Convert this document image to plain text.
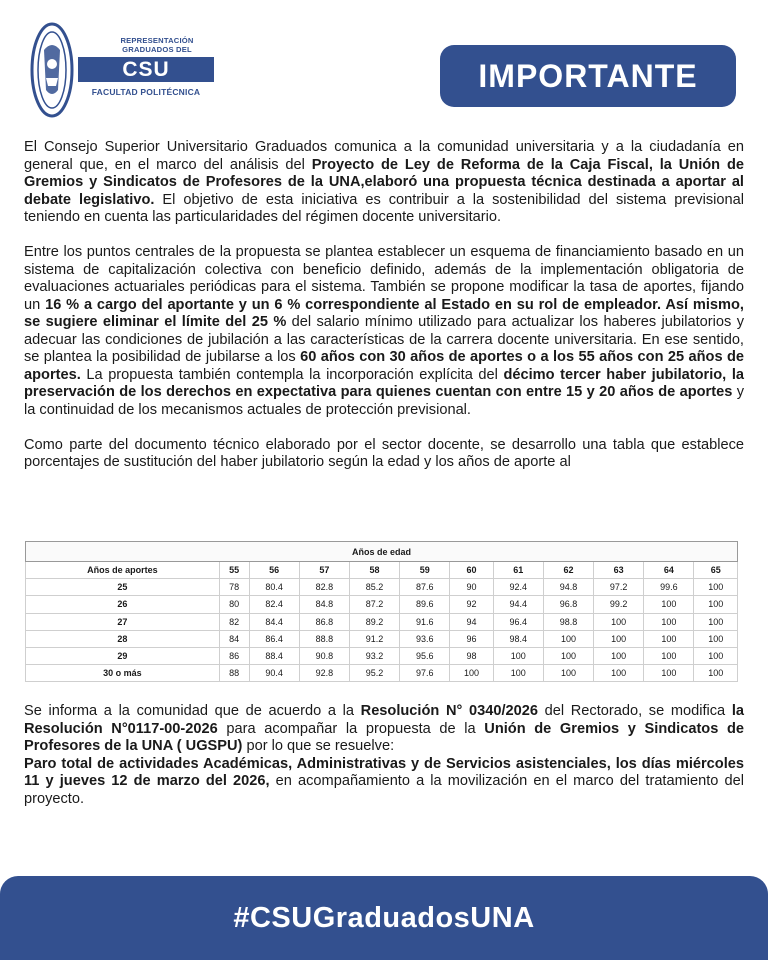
REPRESENTACIÓN
GRADUADOS DEL
CSU
FACULTAD POLITÉCNICA	IMPORTANTE

El Consejo Superior Universitario Graduados comunica a la comunidad universitaria y a la ciudadanía en general que, en el marco del análisis del Proyecto de Ley de Reforma de la Caja Fiscal, la Unión de Gremios y Sindicatos de Profesores de la UNA,elaboró una propuesta técnica destinada a aportar al debate legislativo. El objetivo de esta iniciativa es contribuir a la sostenibilidad del sistema previsional teniendo en cuenta las particularidades del régimen docente universitario.

Entre los puntos centrales de la propuesta se plantea establecer un esquema de financiamiento basado en un sistema de capitalización colectiva con beneficio definido, además de la implementación obligatoria de evaluaciones actuariales periódicas para el sistema. También se propone modificar la tasa de aportes, fijando un 16 % a cargo del aportante y un 6 % correspondiente al Estado en su rol de empleador. Así mismo, se sugiere eliminar el límite del 25 % del salario mínimo utilizado para actualizar los haberes jubilatorios y adecuar las condiciones de jubilación a las características de la carrera docente universitaria. En ese sentido, se plantea la posibilidad de jubilarse a los 60 años con 30 años de aportes o a los 55 años con 25 años de aportes. La propuesta también contempla la incorporación explícita del décimo tercer haber jubilatorio, la preservación de los derechos en expectativa para quienes cuentan con entre 15 y 20 años de aportes y la continuidad de los mecanismos actuales de protección previsional.

Como parte del documento técnico elaborado por el sector docente, se desarrollo una tabla que establece porcentajes de sustitución del haber jubilatorio según la edad y los años de aporte al

Años de edad											
Años de aportes	55	56	57	58	59	60	61	62	63	64	65
25	78	80.4	82.8	85.2	87.6	90	92.4	94.8	97.2	99.6	100
26	80	82.4	84.8	87.2	89.6	92	94.4	96.8	99.2	100	100
27	82	84.4	86.8	89.2	91.6	94	96.4	98.8	100	100	100
28	84	86.4	88.8	91.2	93.6	96	98.4	100	100	100	100
29	86	88.4	90.8	93.2	95.6	98	100	100	100	100	100
30 o más	88	90.4	92.8	95.2	97.6	100	100	100	100	100	100

Se informa a la comunidad que de acuerdo a la Resolución N° 0340/2026 del Rectorado, se modifica la Resolución N°0117-00-2026 para acompañar la propuesta de la Unión de Gremios y Sindicatos de Profesores de la UNA ( UGSPU) por lo que se resuelve:

Paro total de actividades Académicas, Administrativas y de Servicios asistenciales, los días miércoles 11 y jueves 12 de marzo del 2026, en acompañamiento a la movilización en el marco del tratamiento del proyecto.

#CSUGraduadosUNA
